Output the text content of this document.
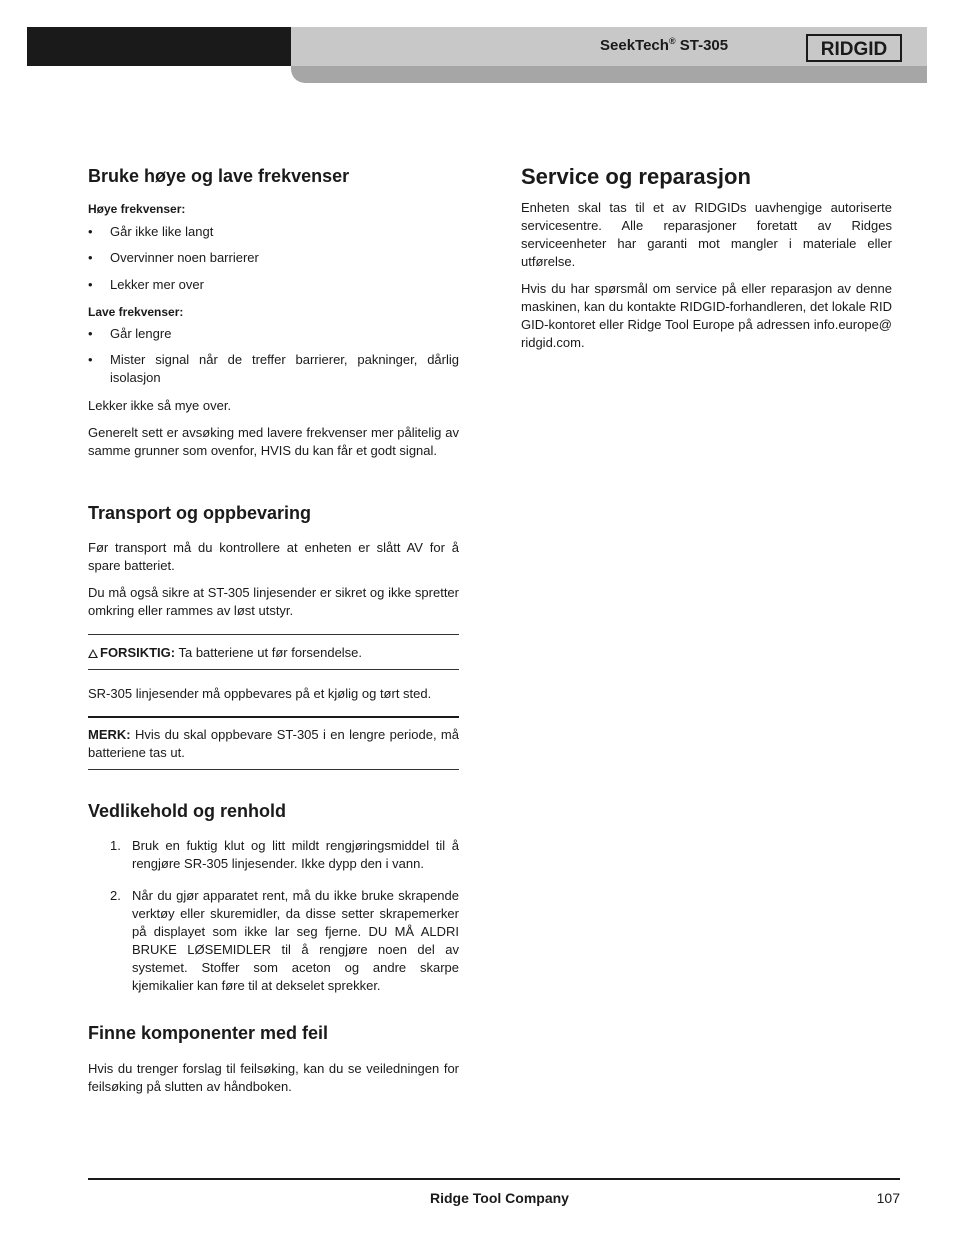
SeekTech® ST-305	RIDGID
Bruke høye og lave frekvenser

Høye frekvenser:

• Går ikke like langt
• Overvinner noen barrierer
• Lekker mer over

Lave frekvenser:

• Går lengre
• Mister signal når de treffer barrierer, pakninger, dårlig isolasjon

Lekker ikke så mye over.

Generelt sett er avsøking med lavere frekvenser mer pålitelig av samme grunner som ovenfor, HVIS du kan får et godt signal.

Transport og oppbevaring

Før transport må du kontrollere at enheten er slått AV for å spare batteriet.

Du må også sikre at ST-305 linjesender er sikret og ikke spretter omkring eller rammes av løst utstyr.

FORSIKTIG: Ta batteriene ut før forsendelse.

SR-305 linjesender må oppbevares på et kjølig og tørt sted.

MERK: Hvis du skal oppbevare ST-305 i en lengre periode, må batteriene tas ut.

Vedlikehold og renhold
1. Bruk en fuktig klut og litt mildt rengjøringsmiddel til å rengjøre SR-305 linjesender. Ikke dypp den i vann.
2. Når du gjør apparatet rent, må du ikke bruke skrapende verktøy eller skuremidler, da disse setter skrapemerker på displayet som ikke lar seg fjerne. DU MÅ ALDRI BRUKE LØSEMIDLER til å rengjøre noen del av systemet. Stoffer som aceton og andre skarpe kjemikalier kan føre til at dekselet sprekker.
Finne komponenter med feil

Hvis du trenger forslag til feilsøking, kan du se veiledningen for feilsøking på slutten av håndboken.

Service og reparasjon

Enheten skal tas til et av RIDGIDs uavhengige autoriserte servicesentre. Alle reparasjoner foretatt av Ridges serviceenheter har garanti mot mangler i materiale eller utførelse.

Hvis du har spørsmål om service på eller reparasjon av denne maskinen, kan du kontakte RIDGID-forhandleren, det lokale RIDGID-kontoret eller Ridge Tool Europe på adressen info.europe@ridgid.com.

Ridge Tool Company	107
